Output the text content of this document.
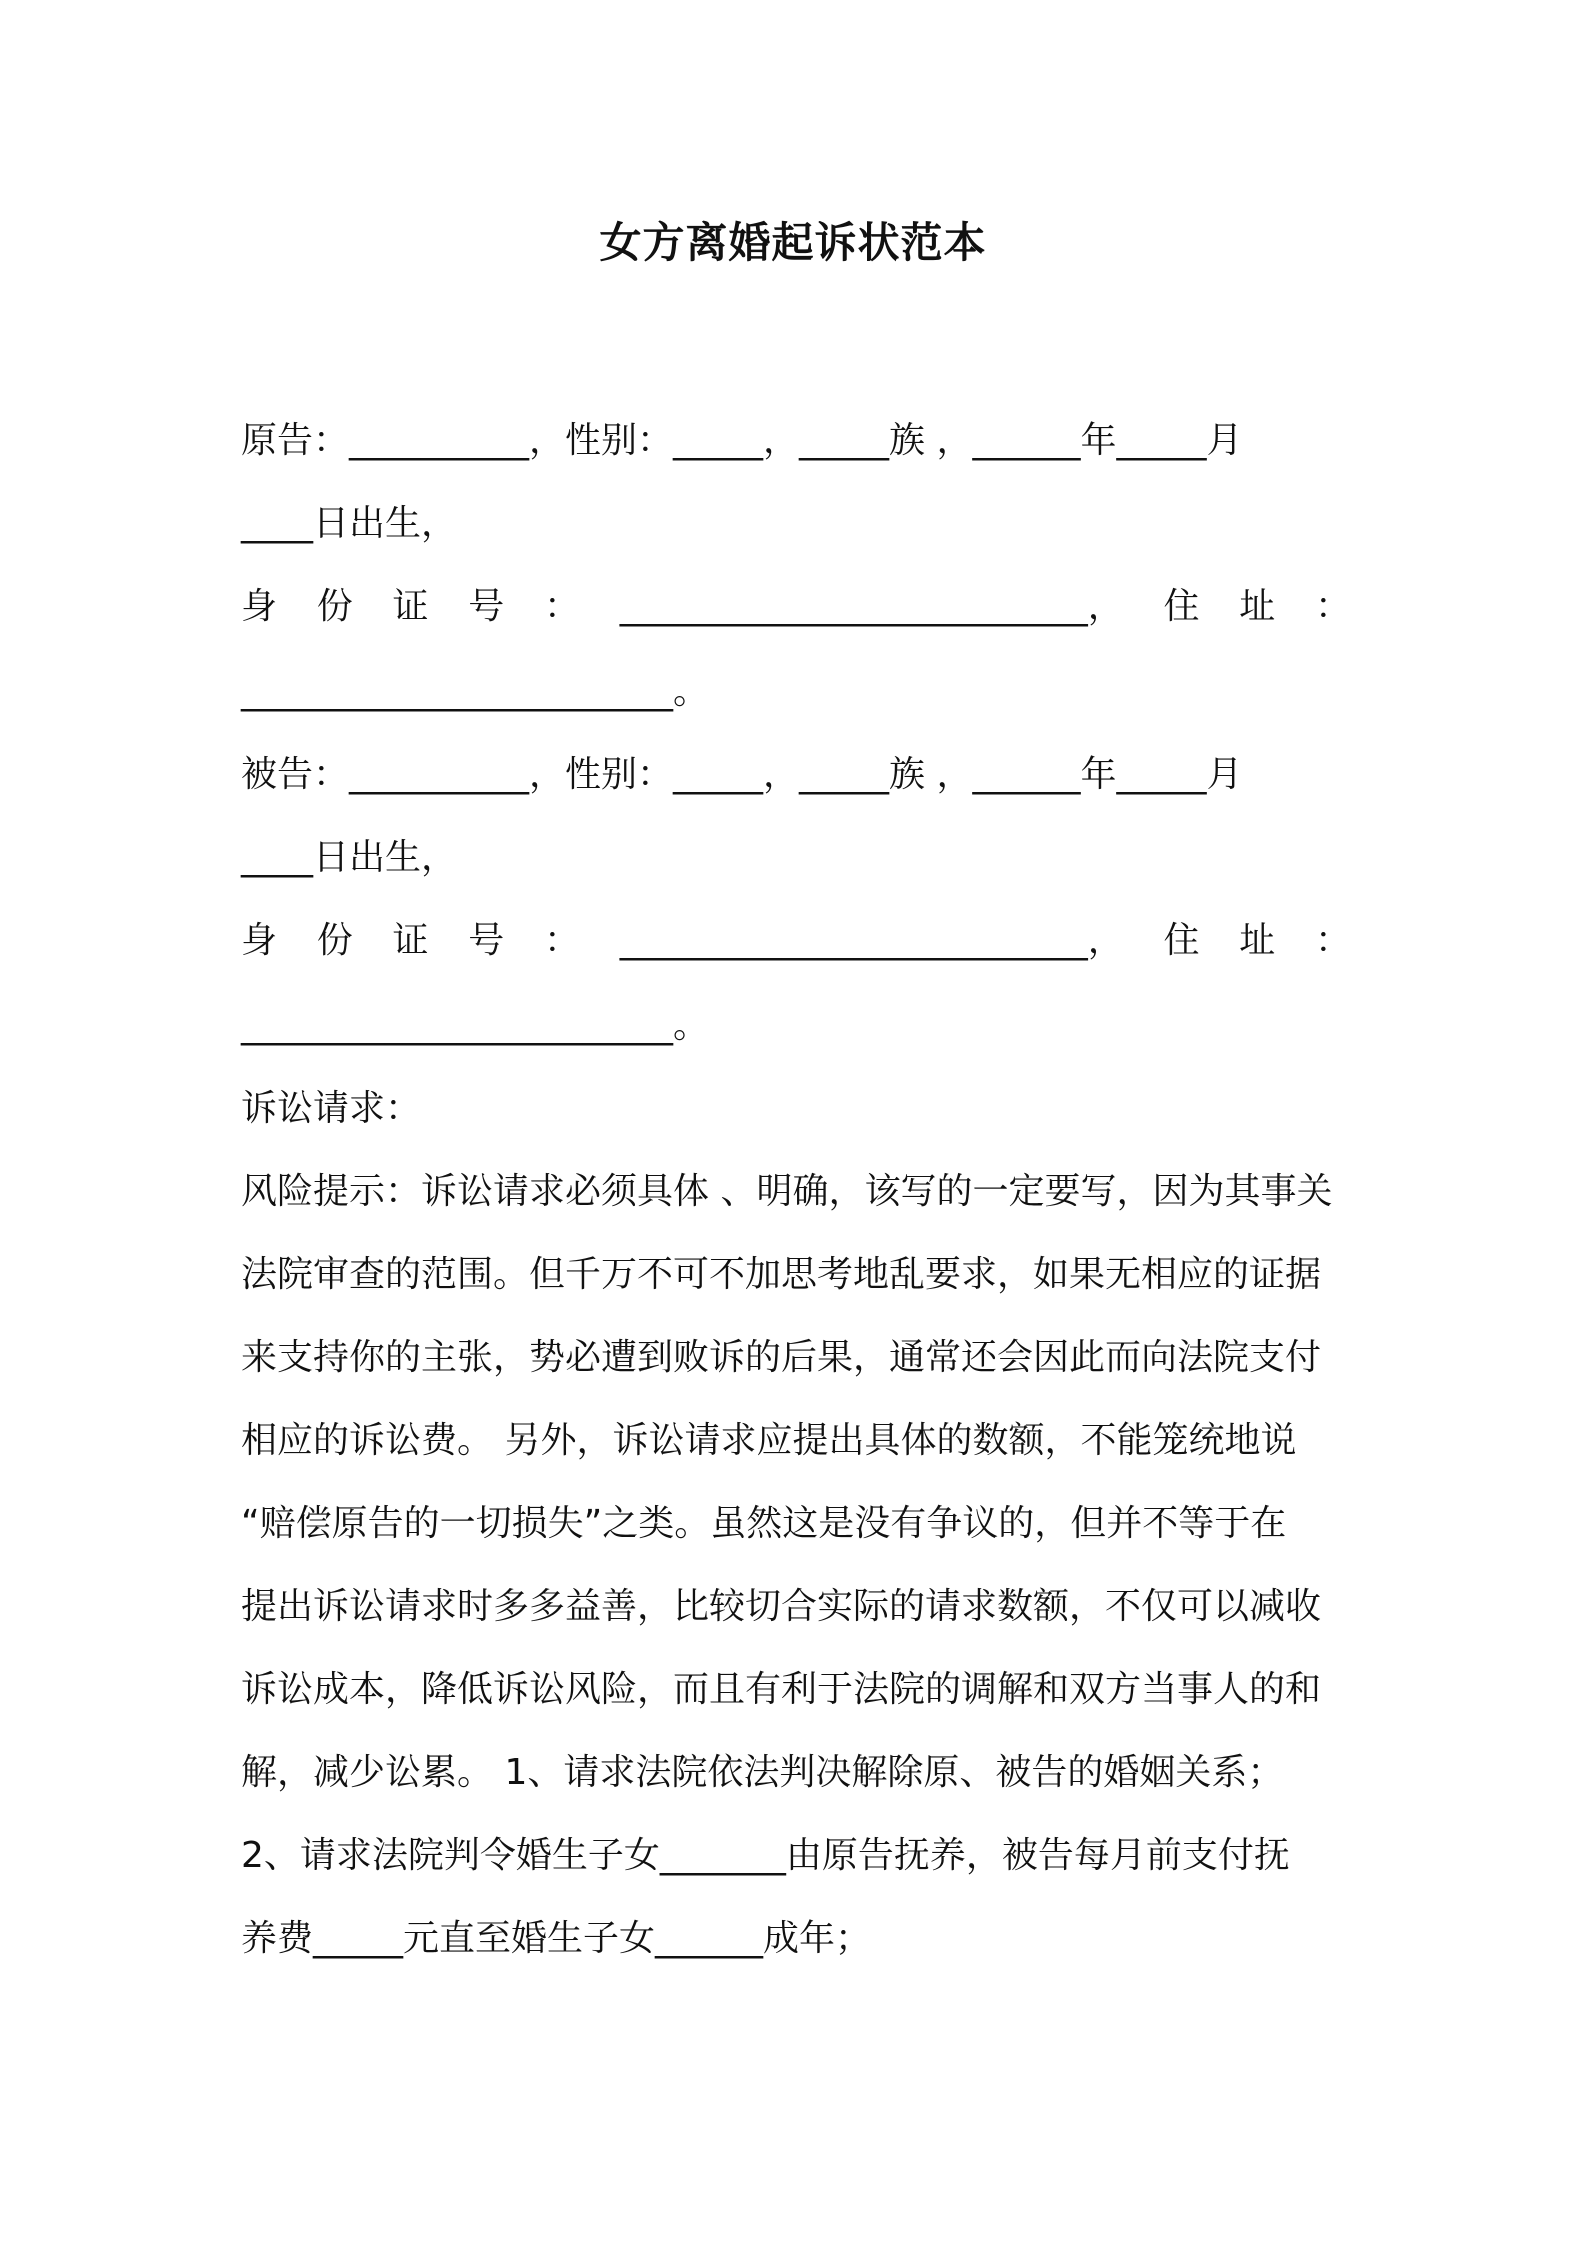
女方离婚起诉状范本
原告：__________，性别：_____，_____族 ，______年_____月
____日出生，
身 份 证 号 ： __________________________， 住 址 ：
________________________。
被告：__________，性别：_____，_____族 ，______年_____月
____日出生，
身 份 证 号 ： __________________________， 住 址 ：
________________________。
诉讼请求：
风险提示：诉讼请求必须具体 、明确，该写的一定要写，因为其事关
法院审查的范围。但千万不可不加思考地乱要求，如果无相应的证据
来支持你的主张，势必遭到败诉的后果，通常还会因此而向法院支付
相应的诉讼费。 另外，诉讼请求应提出具体的数额，不能笼统地说
“赔偿原告的一切损失”之类。虽然这是没有争议的，但并不等于在
提出诉讼请求时多多益善，比较切合实际的请求数额，不仅可以减收
诉讼成本，降低诉讼风险，而且有利于法院的调解和双方当事人的和
解，减少讼累。 1、请求法院依法判决解除原、被告的婚姻关系；
2、请求法院判令婚生子女_______由原告抚养，被告每月前支付抚
养费_____元直至婚生子女______成年；
